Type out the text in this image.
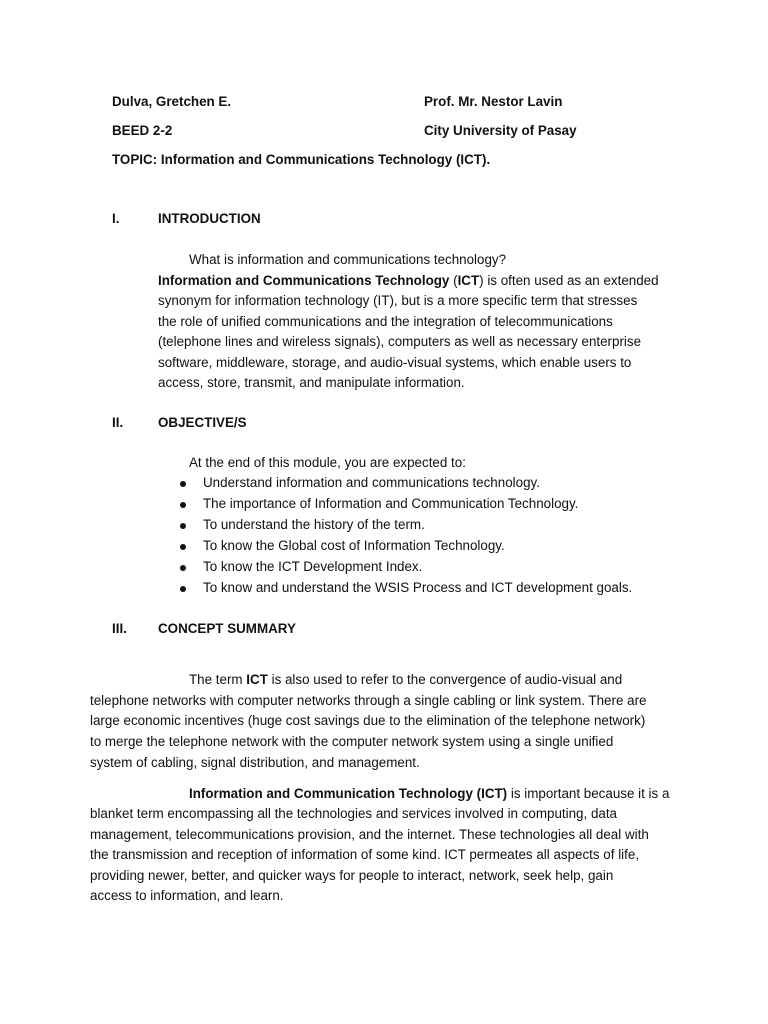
Dulva, Gretchen E.	Prof. Mr. Nestor Lavin
BEED 2-2	City University of Pasay
TOPIC: Information and Communications Technology (ICT).
I.	INTRODUCTION
What is information and communications technology?
Information and Communications Technology (ICT) is often used as an extended
synonym for information technology (IT), but is a more specific term that stresses
the role of unified communications and the integration of telecommunications
(telephone lines and wireless signals), computers as well as necessary enterprise
software, middleware, storage, and audio-visual systems, which enable users to
access, store, transmit, and manipulate information.
II.	OBJECTIVE/S
At the end of this module, you are expected to:
Understand information and communications technology.
The importance of Information and Communication Technology.
To understand the history of the term.
To know the Global cost of Information Technology.
To know the ICT Development Index.
To know and understand the WSIS Process and ICT development goals.
III. CONCEPT SUMMARY
The term ICT is also used to refer to the convergence of audio-visual and
telephone networks with computer networks through a single cabling or link system. There are
large economic incentives (huge cost savings due to the elimination of the telephone network)
to merge the telephone network with the computer network system using a single unified
system of cabling, signal distribution, and management.
Information and Communication Technology (ICT) is important because it is a
blanket term encompassing all the technologies and services involved in computing, data
management, telecommunications provision, and the internet. These technologies all deal with
the transmission and reception of information of some kind. ICT permeates all aspects of life,
providing newer, better, and quicker ways for people to interact, network, seek help, gain
access to information, and learn.
